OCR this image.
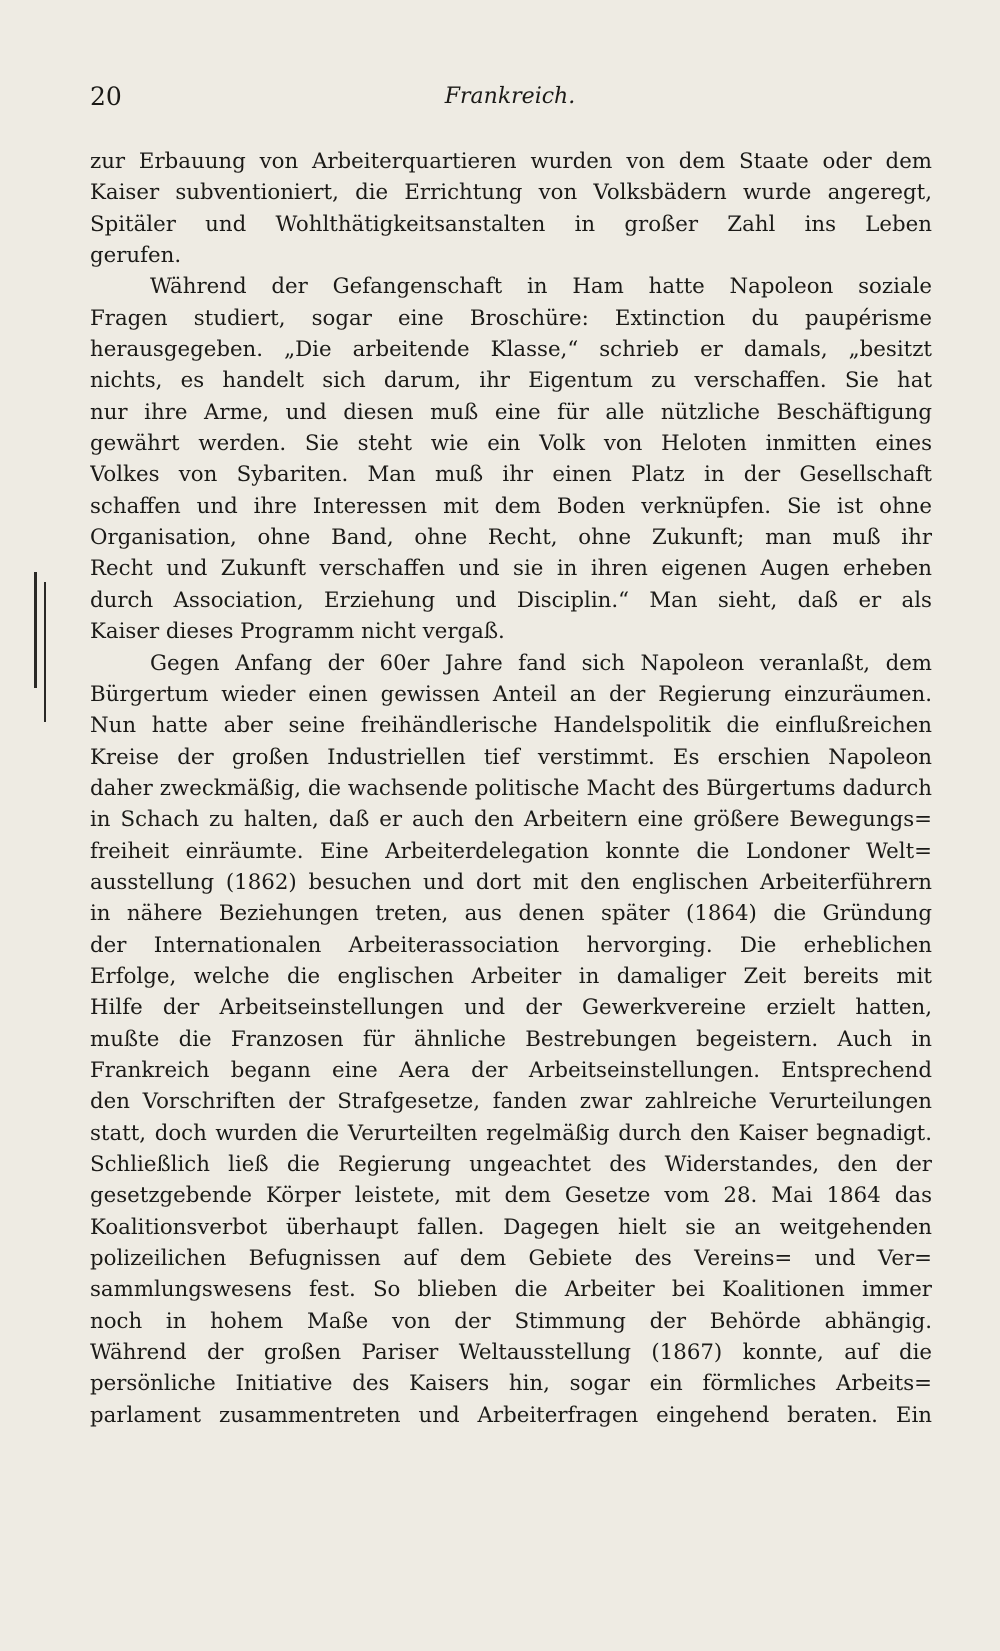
20	Frankreich.
zur Erbauung von Arbeiterquartieren wurden von dem Staate oder dem
Kaiser subventioniert, die Errichtung von Volksbädern wurde angeregt,
Spitäler und Wohlthätigkeitsanstalten in großer Zahl ins Leben
gerufen.
Während der Gefangenschaft in Ham hatte Napoleon soziale
Fragen studiert, sogar eine Broschüre: Extinction du paupérisme
herausgegeben. „Die arbeitende Klasse,“ schrieb er damals, „besitzt
nichts, es handelt sich darum, ihr Eigentum zu verschaffen. Sie hat
nur ihre Arme, und diesen muß eine für alle nützliche Beschäftigung
gewährt werden. Sie steht wie ein Volk von Heloten inmitten eines
Volkes von Sybariten. Man muß ihr einen Platz in der Gesellschaft
schaffen und ihre Interessen mit dem Boden verknüpfen. Sie ist ohne
Organisation, ohne Band, ohne Recht, ohne Zukunft; man muß ihr
Recht und Zukunft verschaffen und sie in ihren eigenen Augen erheben
durch Association, Erziehung und Disciplin.“ Man sieht, daß er als
Kaiser dieses Programm nicht vergaß.
Gegen Anfang der 60er Jahre fand sich Napoleon veranlaßt, dem
Bürgertum wieder einen gewissen Anteil an der Regierung einzuräumen.
Nun hatte aber seine freihändlerische Handelspolitik die einflußreichen
Kreise der großen Industriellen tief verstimmt. Es erschien Napoleon
daher zweckmäßig, die wachsende politische Macht des Bürgertums dadurch
in Schach zu halten, daß er auch den Arbeitern eine größere Bewegungs=
freiheit einräumte. Eine Arbeiterdelegation konnte die Londoner Welt=
ausstellung (1862) besuchen und dort mit den englischen Arbeiterführern
in nähere Beziehungen treten, aus denen später (1864) die Gründung
der Internationalen Arbeiterassociation hervorging. Die erheblichen
Erfolge, welche die englischen Arbeiter in damaliger Zeit bereits mit
Hilfe der Arbeitseinstellungen und der Gewerkvereine erzielt hatten,
mußte die Franzosen für ähnliche Bestrebungen begeistern. Auch in
Frankreich begann eine Aera der Arbeitseinstellungen. Entsprechend
den Vorschriften der Strafgesetze, fanden zwar zahlreiche Verurteilungen
statt, doch wurden die Verurteilten regelmäßig durch den Kaiser begnadigt.
Schließlich ließ die Regierung ungeachtet des Widerstandes, den der
gesetzgebende Körper leistete, mit dem Gesetze vom 28. Mai 1864 das
Koalitionsverbot überhaupt fallen. Dagegen hielt sie an weitgehenden
polizeilichen Befugnissen auf dem Gebiete des Vereins= und Ver=
sammlungswesens fest. So blieben die Arbeiter bei Koalitionen immer
noch in hohem Maße von der Stimmung der Behörde abhängig.
Während der großen Pariser Weltausstellung (1867) konnte, auf die
persönliche Initiative des Kaisers hin, sogar ein förmliches Arbeits=
parlament zusammentreten und Arbeiterfragen eingehend beraten. Ein
